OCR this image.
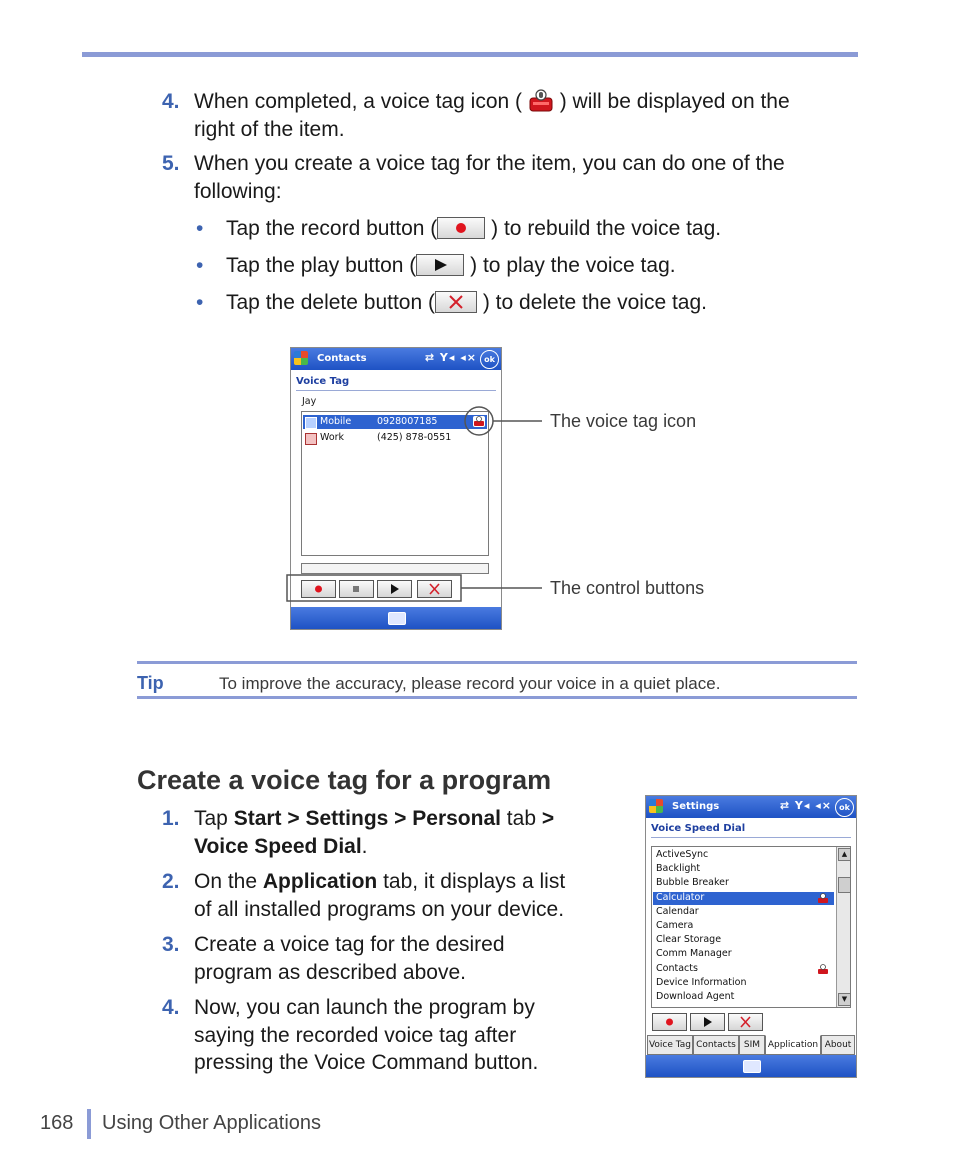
4. When completed, a voice tag icon ( ) will be displayed on the
right of the item.
5. When you create a voice tag for the item, you can do one of the
following:
• Tap the record button (	) to rebuild the voice tag.
• Tap the play button (	) to play the voice tag.
• Tap the delete button ( ) to delete the voice tag.
Contacts	⇄ Y◂ ◂× ok
Voice Tag
Jay
Mobile	0928007185
Work	(425) 878-0551
The voice tag icon
The control buttons
Tip	To improve the accuracy, please record your voice in a quiet place.
Create a voice tag for a program
1. Tap Start > Settings > Personal tab >
Voice Speed Dial.
2. On the Application tab, it displays a list
of all installed programs on your device.
3. Create a voice tag for the desired
program as described above.
4. Now, you can launch the program by
saying the recorded voice tag after
pressing the Voice Command button.
Settings	⇄ Y◂ ◂× ok
Voice Speed Dial
ActiveSync
Backlight
Bubble Breaker
Calculator
Calendar
Camera
Clear Storage
Comm Manager
Contacts
Device Information
Download Agent
▲
▼
Voice Tag Contacts SIM Application About
168 Using Other Applications
